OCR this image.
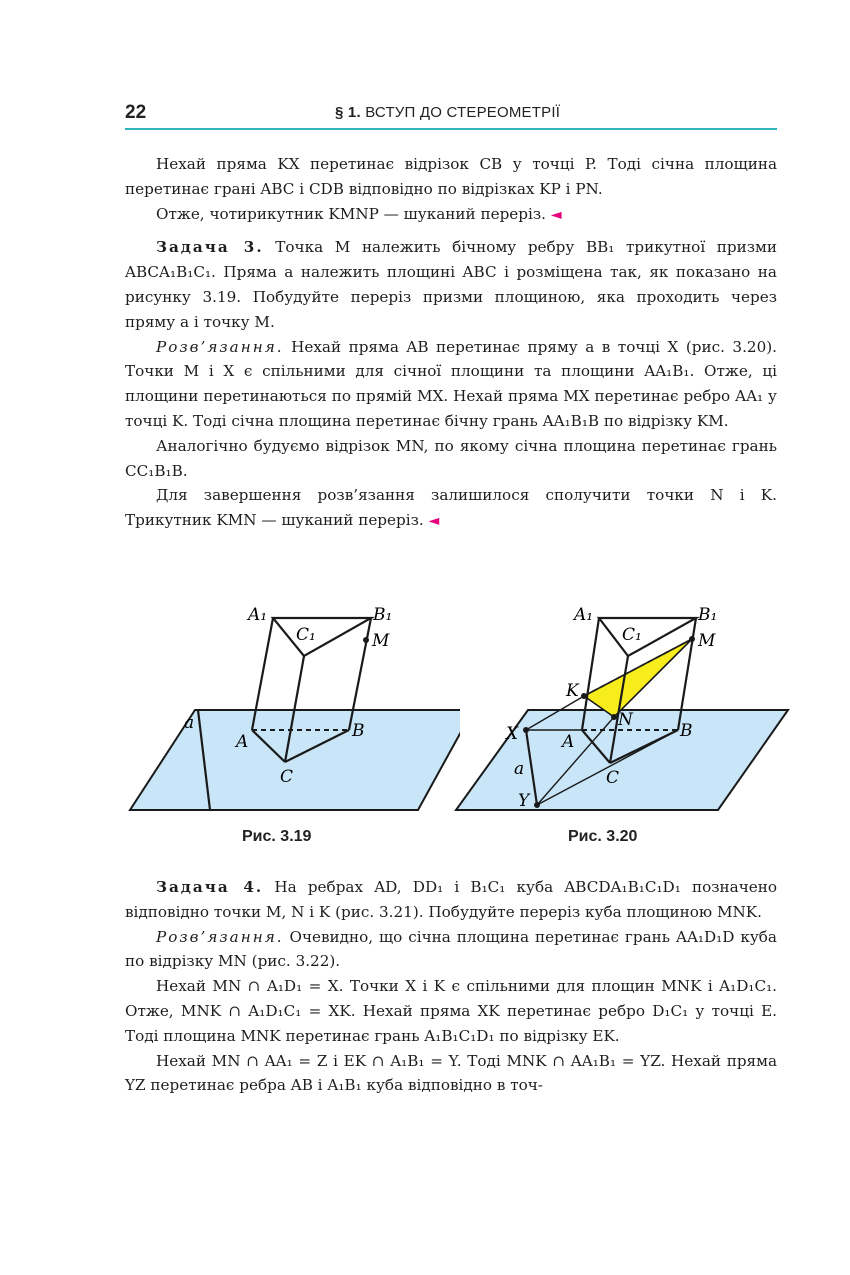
22	§ 1. ВСТУП ДО СТЕРЕОМЕТРІЇ

Нехай пряма KX перетинає відрізок CB у точці P. Тоді січна площина перетинає грані ABC і CDB відповідно по відрізках KP і PN.

Отже, чотирикутник KMNP — шуканий переріз. ◄

Задача 3. Точка M належить бічному ребру BB₁ трикутної призми ABCA₁B₁C₁. Пряма a належить площині ABC і розміщена так, як показано на рисунку 3.19. Побудуйте переріз призми площиною, яка проходить через пряму a і точку M.

Розв’язання. Нехай пряма AB перетинає пряму a в точці X (рис. 3.20). Точки M і X є спільними для січної площини та площини AA₁B₁. Отже, ці площини перетинаються по прямій MX. Нехай пряма MX перетинає ребро AA₁ у точці K. Тоді січна площина перетинає бічну грань AA₁B₁B по відрізку KM.

Аналогічно будуємо відрізок MN, по якому січна площина перетинає грань CC₁B₁B.

Для завершення розв’язання залишилося сполучити точки N і K. Трикутник KMN — шуканий переріз. ◄

A₁	B₁
C₁	M
a
A
B
C
Рис. 3.19
A₁	B₁
C₁	M
K
N
X	A
B
C
a
Y
Рис. 3.20

Задача 4. На ребрах AD, DD₁ і B₁C₁ куба ABCDA₁B₁C₁D₁ позначено відповідно точки M, N і K (рис. 3.21). Побудуйте переріз куба площиною MNK.

Розв’язання. Очевидно, що січна площина перетинає грань AA₁D₁D куба по відрізку MN (рис. 3.22).

Нехай MN ∩ A₁D₁ = X. Точки X і K є спільними для площин MNK і A₁D₁C₁. Отже, MNK ∩ A₁D₁C₁ = XK. Нехай пряма XK перетинає ребро D₁C₁ у точці E. Тоді площина MNK перетинає грань A₁B₁C₁D₁ по відрізку EK.

Нехай MN ∩ AA₁ = Z і EK ∩ A₁B₁ = Y. Тоді MNK ∩ AA₁B₁ = YZ. Нехай пряма YZ перетинає ребра AB і A₁B₁ куба відповідно в точ-
